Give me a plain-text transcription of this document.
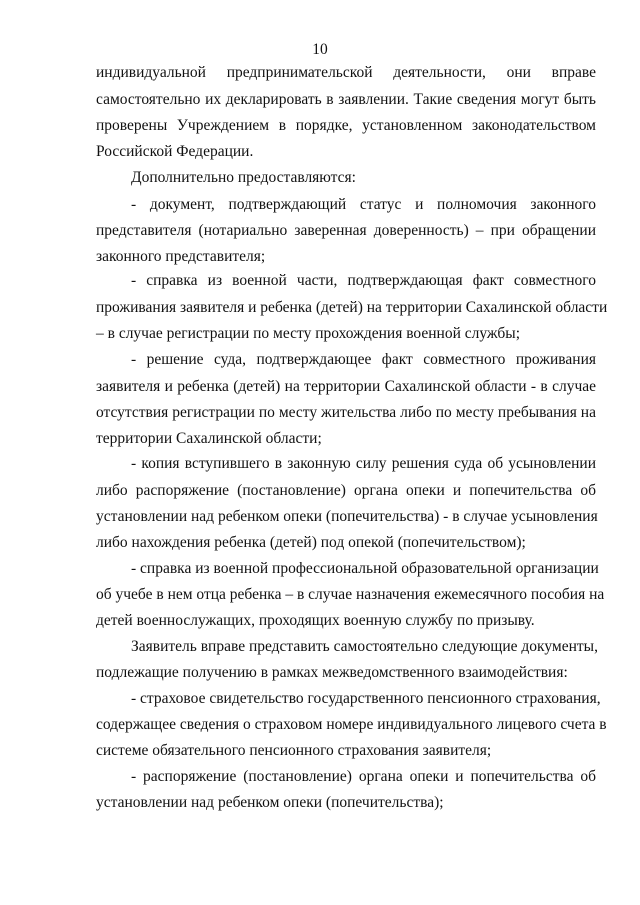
10
индивидуальной предпринимательской деятельности, они вправе
самостоятельно их декларировать в заявлении. Такие сведения могут быть
проверены Учреждением в порядке, установленном законодательством
Российской Федерации.
Дополнительно предоставляются:
- документ, подтверждающий статус и полномочия законного
представителя (нотариально заверенная доверенность) – при обращении
законного представителя;
- справка из военной части, подтверждающая факт совместного
проживания заявителя и ребенка (детей) на территории Сахалинской области
– в случае регистрации по месту прохождения военной службы;
- решение суда, подтверждающее факт совместного проживания
заявителя и ребенка (детей) на территории Сахалинской области - в случае
отсутствия регистрации по месту жительства либо по месту пребывания на
территории Сахалинской области;
- копия вступившего в законную силу решения суда об усыновлении
либо распоряжение (постановление) органа опеки и попечительства об
установлении над ребенком опеки (попечительства) - в случае усыновления
либо нахождения ребенка (детей) под опекой (попечительством);
- справка из военной профессиональной образовательной организации
об учебе в нем отца ребенка – в случае назначения ежемесячного пособия на
детей военнослужащих, проходящих военную службу по призыву.
Заявитель вправе представить самостоятельно следующие документы,
подлежащие получению в рамках межведомственного взаимодействия:
- страховое свидетельство государственного пенсионного страхования,
содержащее сведения о страховом номере индивидуального лицевого счета в
системе обязательного пенсионного страхования заявителя;
- распоряжение (постановление) органа опеки и попечительства об
установлении над ребенком опеки (попечительства);
